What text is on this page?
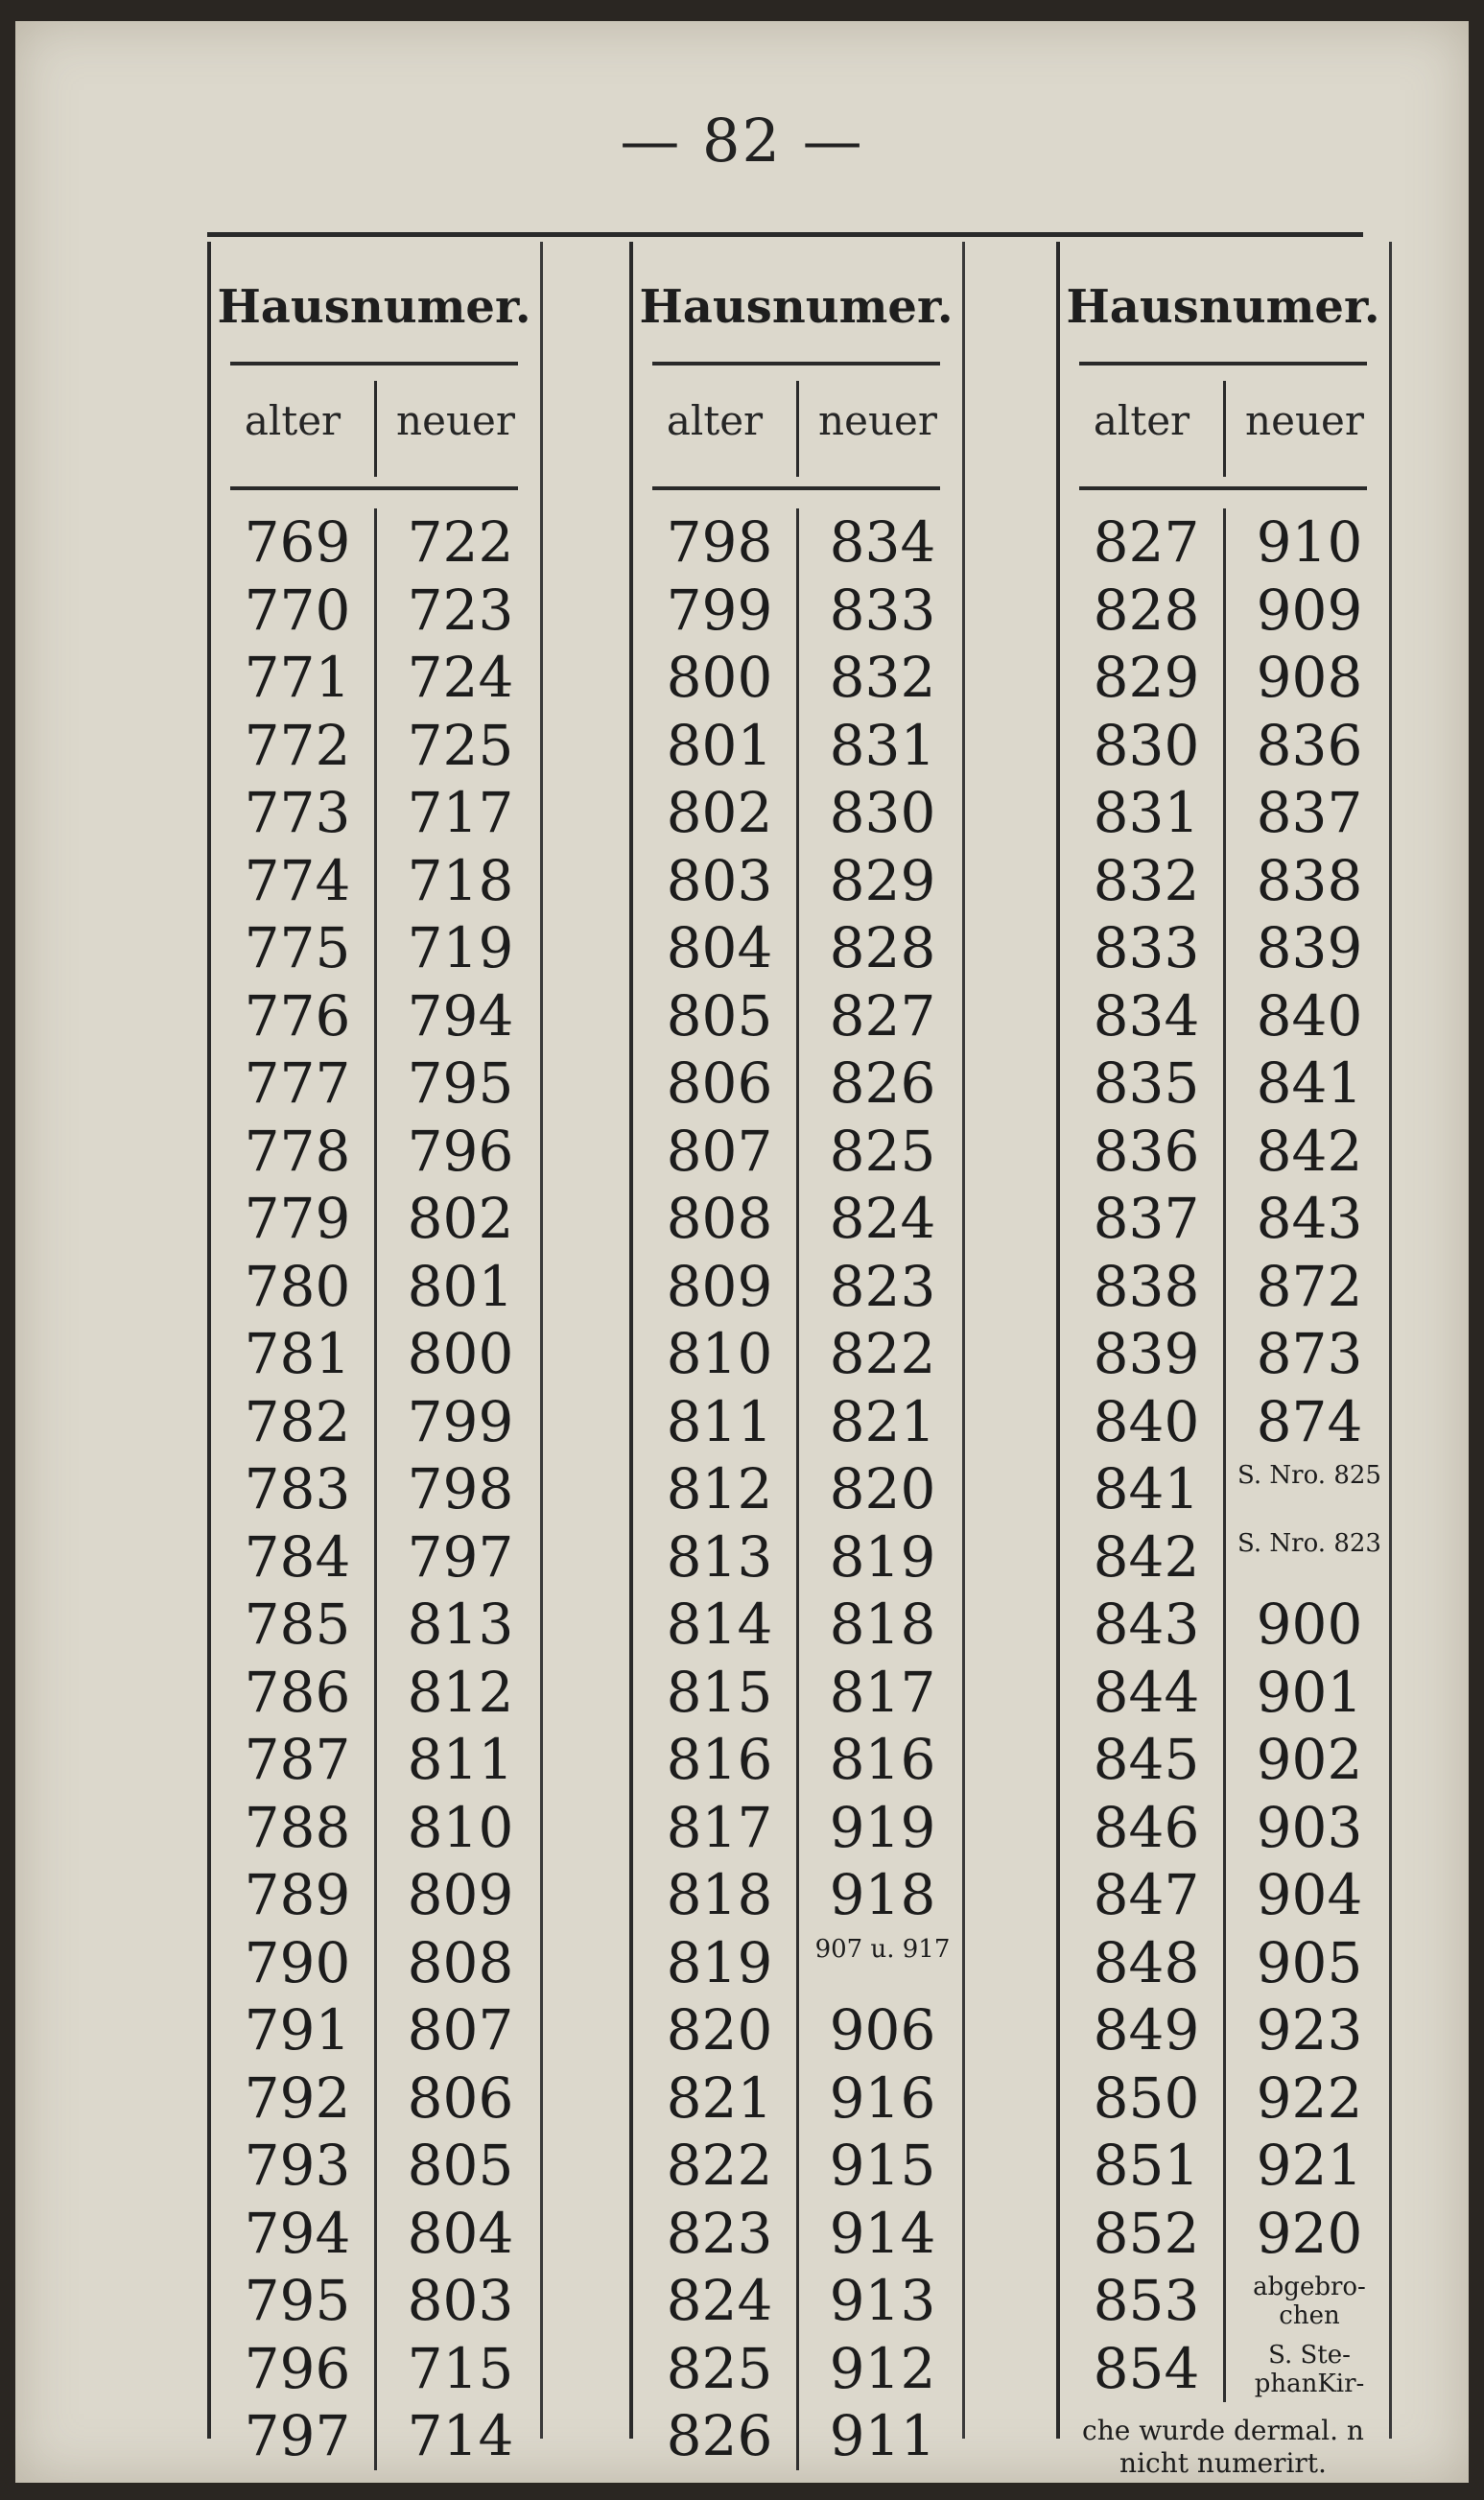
— 82 —
Hausnumer.
alter	neuer
769	722
770	723
771	724
772	725
773	717
774	718
775	719
776	794
777	795
778	796
779	802
780	801
781	800
782	799
783	798
784	797
785	813
786	812
787	811
788	810
789	809
790	808
791	807
792	806
793	805
794	804
795	803
796	715
797	714
Hausnumer.
alter	neuer
798	834
799	833
800	832
801	831
802	830
803	829
804	828
805	827
806	826
807	825
808	824
809	823
810	822
811	821
812	820
813	819
814	818
815	817
816	816
817	919
818	918
819	907 u. 917
820	906
821	916
822	915
823	914
824	913
825	912
826	911
Hausnumer.
alter	neuer
827	910
828	909
829	908
830	836
831	837
832	838
833	839
834	840
835	841
836	842
837	843
838	872
839	873
840	874
841	S. Nro. 825
842	S. Nro. 823
843	900
844	901
845	902
846	903
847	904
848	905
849	923
850	922
851	921
852	920
853	abgebro- chen
854	S. Ste- phanKir-
che wurde dermal. n nicht numerirt.
